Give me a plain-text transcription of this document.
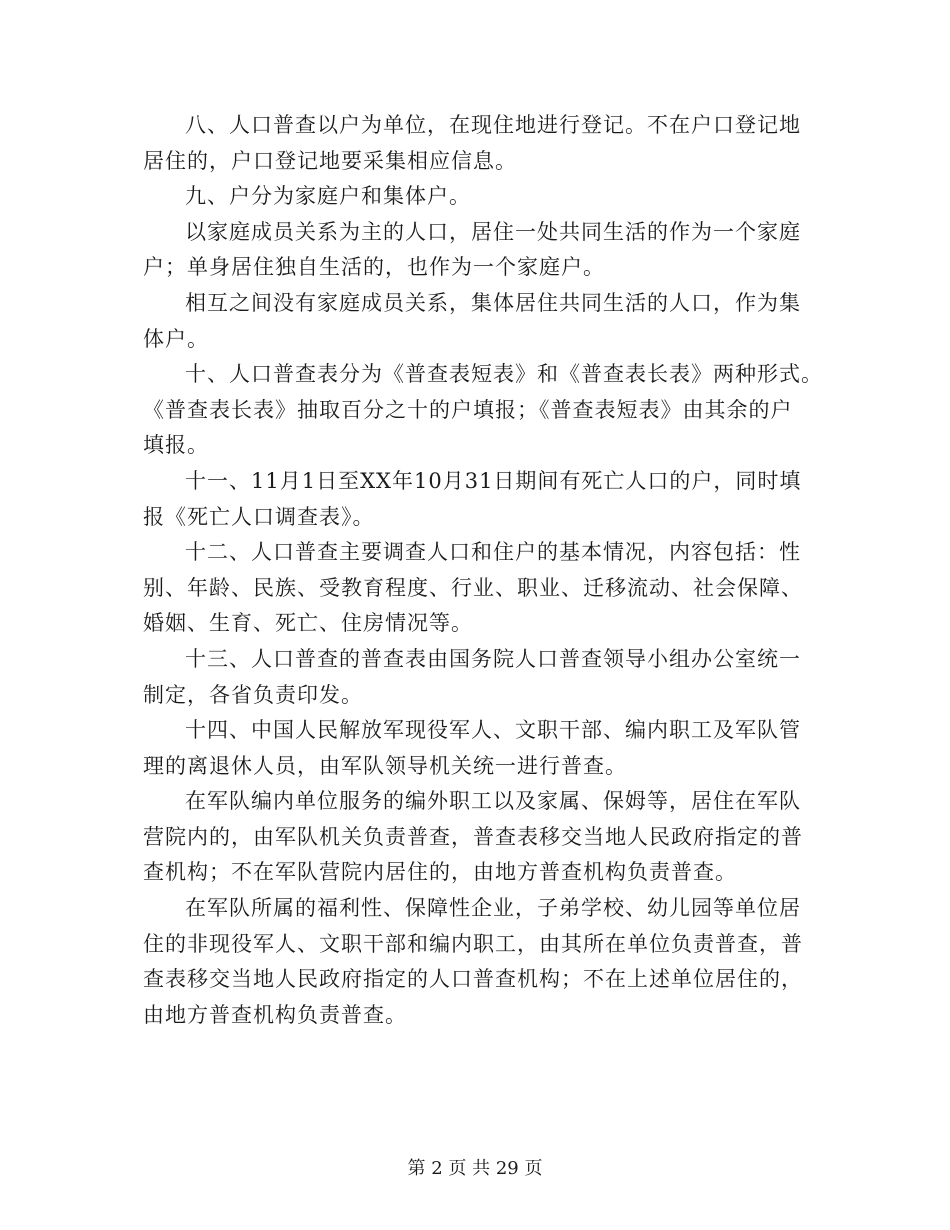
八、人口普查以户为单位，在现住地进行登记。不在户口登记地
居住的，户口登记地要采集相应信息。

九、户分为家庭户和集体户。

以家庭成员关系为主的人口，居住一处共同生活的作为一个家庭
户；单身居住独自生活的，也作为一个家庭户。

相互之间没有家庭成员关系，集体居住共同生活的人口，作为集
体户。

十、人口普查表分为《普查表短表》和《普查表长表》两种形式。
《普查表长表》抽取百分之十的户填报；《普查表短表》由其余的户
填报。

十一、11月1日至XX年10月31日期间有死亡人口的户，同时填
报《死亡人口调查表》。

十二、人口普查主要调查人口和住户的基本情况，内容包括：性
别、年龄、民族、受教育程度、行业、职业、迁移流动、社会保障、
婚姻、生育、死亡、住房情况等。

十三、人口普查的普查表由国务院人口普查领导小组办公室统一
制定，各省负责印发。

十四、中国人民解放军现役军人、文职干部、编内职工及军队管
理的离退休人员，由军队领导机关统一进行普查。

在军队编内单位服务的编外职工以及家属、保姆等，居住在军队
营院内的，由军队机关负责普查，普查表移交当地人民政府指定的普
查机构；不在军队营院内居住的，由地方普查机构负责普查。

在军队所属的福利性、保障性企业，子弟学校、幼儿园等单位居
住的非现役军人、文职干部和编内职工，由其所在单位负责普查，普
查表移交当地人民政府指定的人口普查机构；不在上述单位居住的，
由地方普查机构负责普查。

第 2 页 共 29 页
